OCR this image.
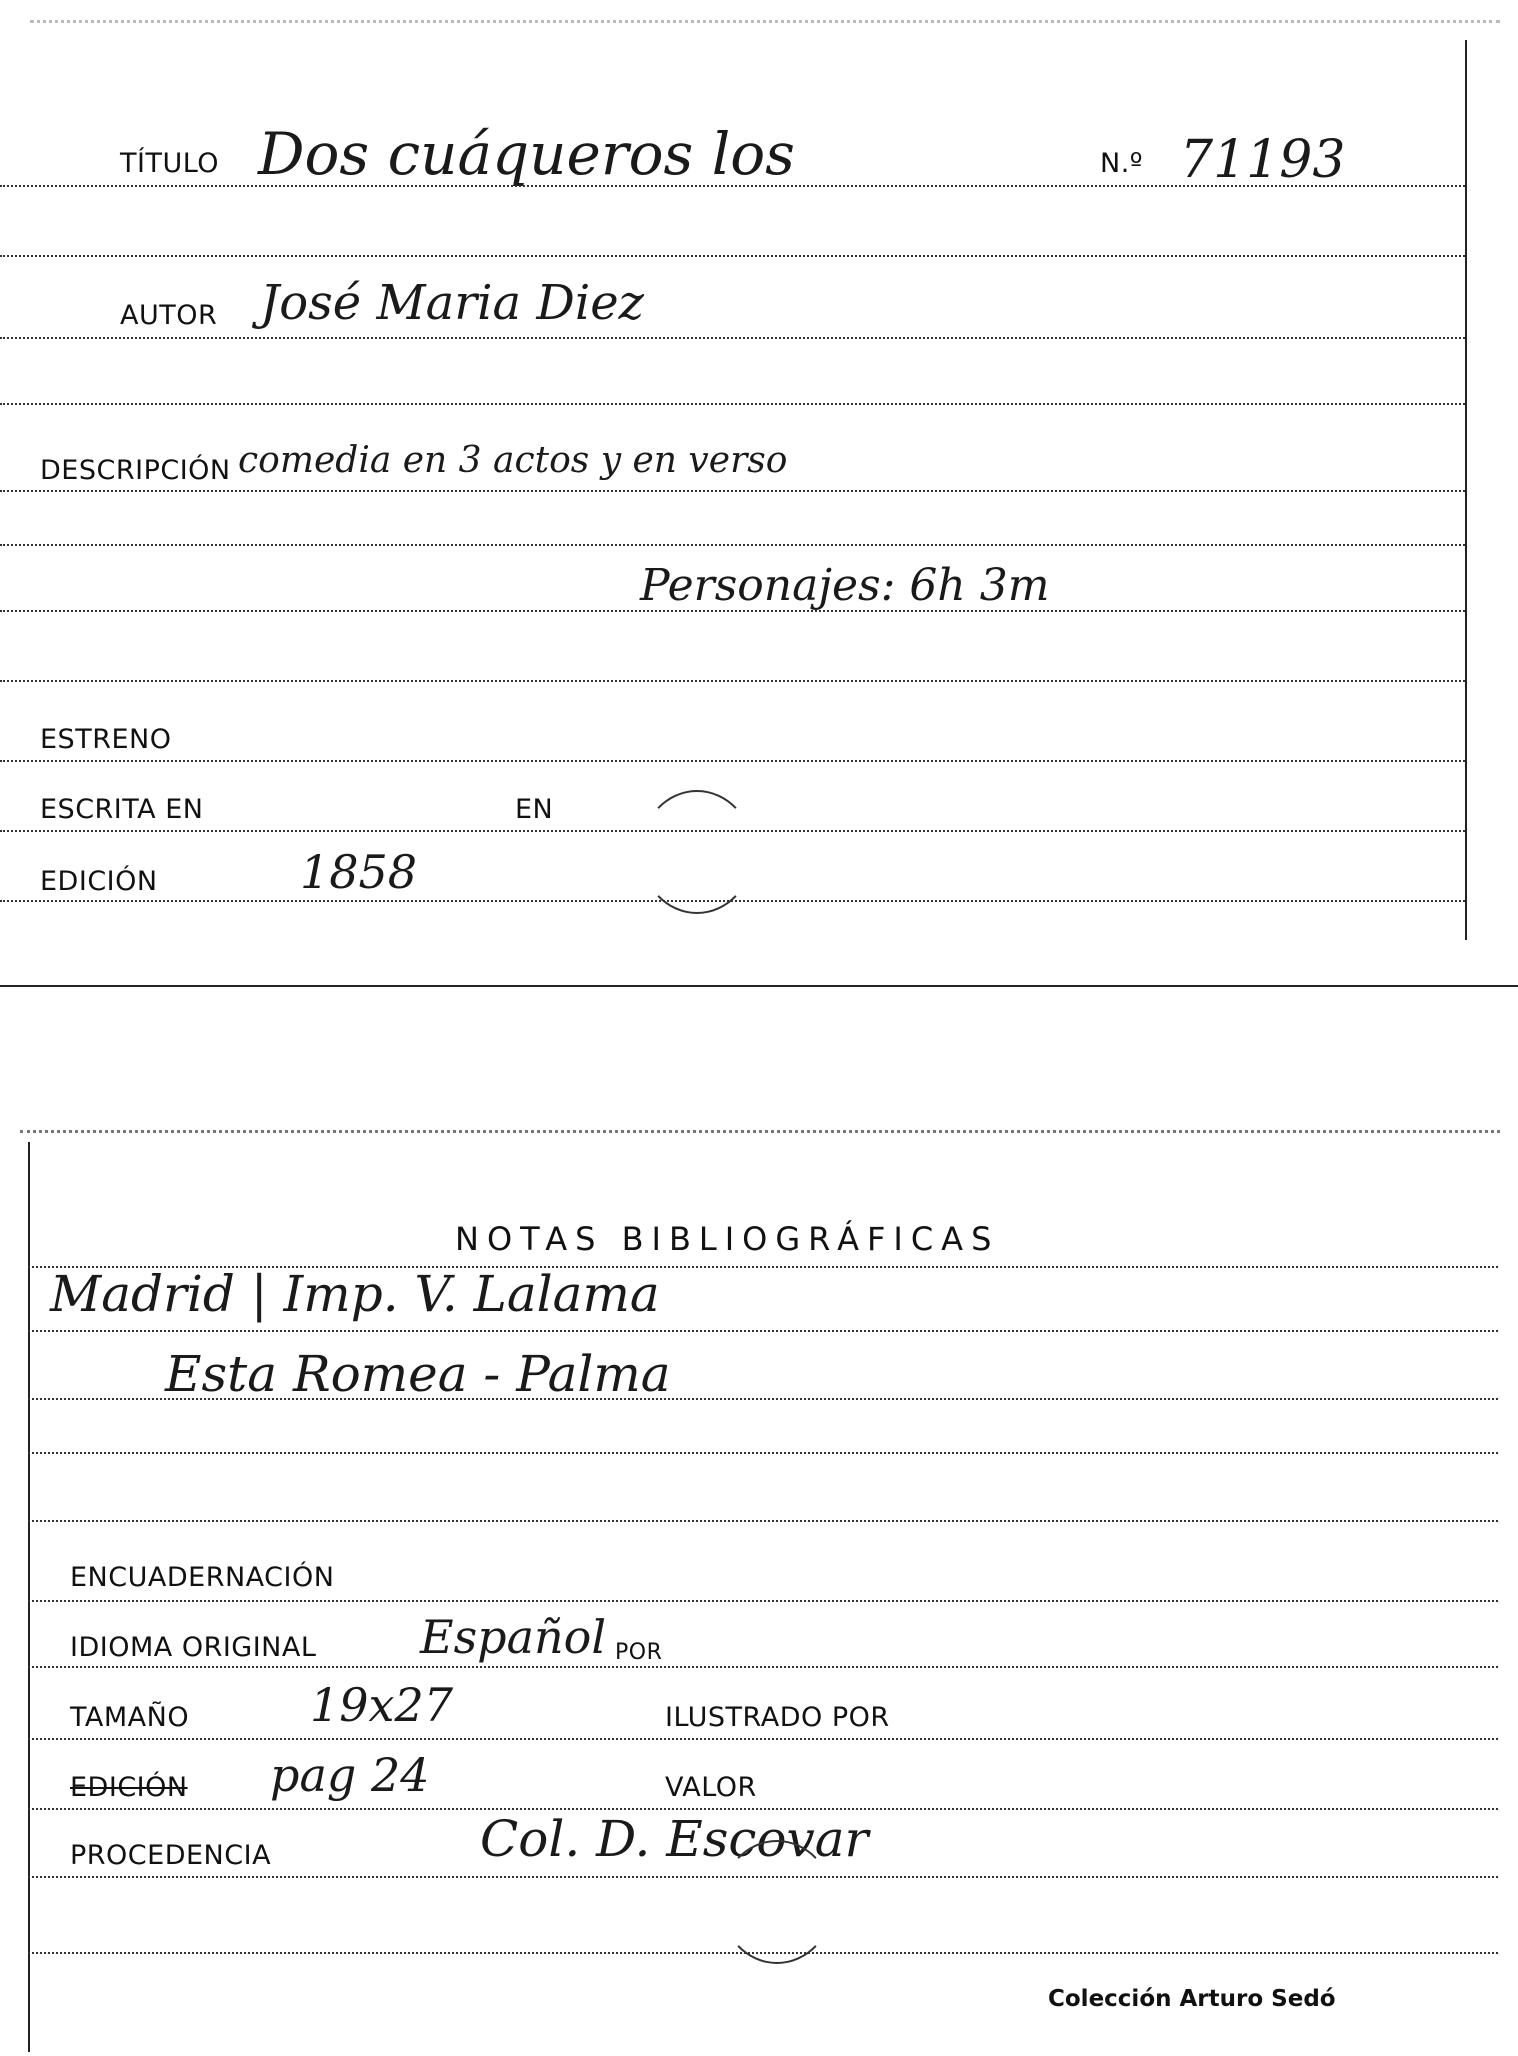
TÍTULO Dos cuáqueros los	N.º 71193
AUTOR José Maria Diez
DESCRIPCIÓN comedia en 3 actos y en verso
Personajes: 6h 3m
ESTRENO
ESCRITA EN	EN
EDICIÓN	1858
NOTAS BIBLIOGRÁFICAS
Madrid | Imp. V. Lalama
Esta Romea - Palma
ENCUADERNACIÓN
IDIOMA ORIGINAL Español POR
TAMAÑO	19x27	ILUSTRADO POR
EDICIÓN pag 24	VALOR
PROCEDENCIA	Col. D. Escovar
Colección Arturo Sedó
